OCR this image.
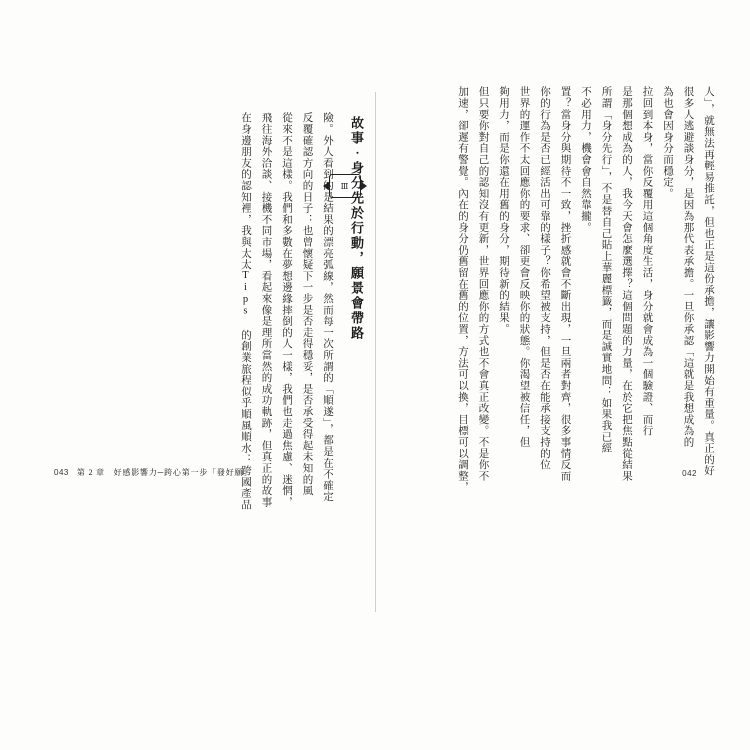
加速，卻遲有警覺。內在的身分仍舊留在舊的位置，方法可以換，目標可以調整， 但只要你對自己的認知沒有更新，世界回應你的方式也不會真正改變。不是你不 夠用力，而是你還在用舊的身分，期待新的結果。 世界的運作不太回應你的要求、卻更會反映你的狀態。你渴望被信任，但 你的行為是否已經活出可靠的樣子？你希望被支持，但是否在能承接支持的位 置？當身分與期待不一致，挫折感就會不斷出現，一旦兩者對齊，很多事情反而 不必用力，機會會自然靠攏。 所謂「身分先行」，不是替自己貼上華麗標籤，而是誠實地問：如果我已經 是那個想成為的人，我今天會怎麼選擇？這個問題的力量，在於它把焦點從結果 拉回到本身，當你反覆用這個角度生活，身分就會成為一個驗證、而行 為也會因身分而穩定。 很多人逃避談身分，是因為那代表承擔。一旦你承認「這就是我想成為的 人」，就無法再輕易推託，但也正是這份承擔，讓影響力開始有重量。真正的好
042
Ⅲ
在身邊朋友的認知裡，我與太太Tips 的創業旅程似乎順風順水：跨國產品 飛往海外洽談、接機不同市場，看起來像是理所當然的成功軌跡，但真正的故事 從來不是這樣。我們和多數在夢想邊緣摔倒的人一樣，我們也走過焦慮、迷惘， 反覆確認方向的日子：也曾懷疑下一步是否走得穩妥，是否承受得起未知的風 險。外人看到的是結果的漂亮弧線，然而每一次所謂的「順遂」，都是在不確定 故事‧身分先於行動，願景會帶路
043 第 2 章　好感影響力─跨心第一步「發好願」
